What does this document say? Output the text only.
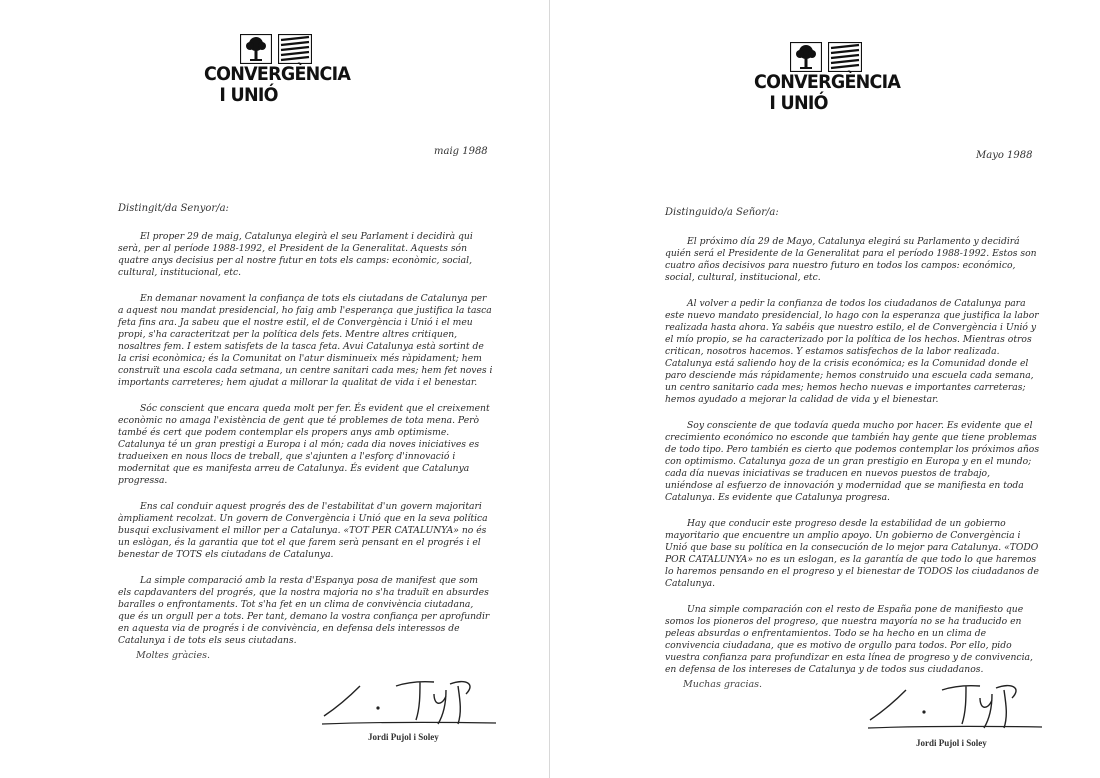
CONVERGÈNCIA
I UNIÓ
maig 1988
Distingit/da Senyor/a:

El proper 29 de maig, Catalunya elegirà el seu Parlament i decidirà qui serà, per al període 1988-1992, el President de la Generalitat. Aquests són quatre anys decisius per al nostre futur en tots els camps: econòmic, social, cultural, institucional, etc.

En demanar novament la confiança de tots els ciutadans de Catalunya per a aquest nou mandat presidencial, ho faig amb l'esperança que justifica la tasca feta fins ara. Ja sabeu que el nostre estil, el de Convergència i Unió i el meu propi, s'ha caracteritzat per la política dels fets. Mentre altres critiquen, nosaltres fem. I estem satisfets de la tasca feta. Avui Catalunya està sortint de la crisi econòmica; és la Comunitat on l'atur disminueix més ràpidament; hem construït una escola cada setmana, un centre sanitari cada mes; hem fet noves i importants carreteres; hem ajudat a millorar la qualitat de vida i el benestar.

Sóc conscient que encara queda molt per fer. És evident que el creixement econòmic no amaga l'existència de gent que té problemes de tota mena. Però també és cert que podem contemplar els propers anys amb optimisme. Catalunya té un gran prestigi a Europa i al món; cada dia noves iniciatives es tradueixen en nous llocs de treball, que s'ajunten a l'esforç d'innovació i modernitat que es manifesta arreu de Catalunya. És evident que Catalunya progressa.

Ens cal conduir aquest progrés des de l'estabilitat d'un govern majoritari àmpliament recolzat. Un govern de Convergència i Unió que en la seva política busqui exclusivament el millor per a Catalunya. «TOT PER CATALUNYA» no és un eslògan, és la garantia que tot el que farem serà pensant en el progrés i el benestar de TOTS els ciutadans de Catalunya.

La simple comparació amb la resta d'Espanya posa de manifest que som els capdavanters del progrés, que la nostra majoria no s'ha traduït en absurdes baralles o enfrontaments. Tot s'ha fet en un clima de convivència ciutadana, que és un orgull per a tots. Per tant, demano la vostra confiança per aprofundir en aquesta via de progrés i de convivència, en defensa dels interessos de Catalunya i de tots els seus ciutadans.

Moltes gràcies.
Jordi Pujol i Soley
CONVERGÈNCIA
I UNIÓ
Mayo 1988
Distinguido/a Señor/a:

El próximo día 29 de Mayo, Catalunya elegirá su Parlamento y decidirá quién será el Presidente de la Generalitat para el período 1988-1992. Estos son cuatro años decisivos para nuestro futuro en todos los campos: económico, social, cultural, institucional, etc.

Al volver a pedir la confianza de todos los ciudadanos de Catalunya para este nuevo mandato presidencial, lo hago con la esperanza que justifica la labor realizada hasta ahora. Ya sabéis que nuestro estilo, el de Convergència i Unió y el mío propio, se ha caracterizado por la política de los hechos. Mientras otros critican, nosotros hacemos. Y estamos satisfechos de la labor realizada. Catalunya está saliendo hoy de la crisis económica; es la Comunidad donde el paro desciende más rápidamente; hemos construido una escuela cada semana, un centro sanitario cada mes; hemos hecho nuevas e importantes carreteras; hemos ayudado a mejorar la calidad de vida y el bienestar.

Soy consciente de que todavía queda mucho por hacer. Es evidente que el crecimiento económico no esconde que también hay gente que tiene problemas de todo tipo. Pero también es cierto que podemos contemplar los próximos años con optimismo. Catalunya goza de un gran prestigio en Europa y en el mundo; cada día nuevas iniciativas se traducen en nuevos puestos de trabajo, uniéndose al esfuerzo de innovación y modernidad que se manifiesta en toda Catalunya. Es evidente que Catalunya progresa.

Hay que conducir este progreso desde la estabilidad de un gobierno mayoritario que encuentre un amplio apoyo. Un gobierno de Convergència i Unió que base su política en la consecución de lo mejor para Catalunya. «TODO POR CATALUNYA» no es un eslogan, es la garantía de que todo lo que haremos lo haremos pensando en el progreso y el bienestar de TODOS los ciudadanos de Catalunya.

Una simple comparación con el resto de España pone de manifiesto que somos los pioneros del progreso, que nuestra mayoría no se ha traducido en peleas absurdas o enfrentamientos. Todo se ha hecho en un clima de convivencia ciudadana, que es motivo de orgullo para todos. Por ello, pido vuestra confianza para profundizar en esta línea de progreso y de convivencia, en defensa de los intereses de Catalunya y de todos sus ciudadanos.

Muchas gracias.
Jordi Pujol i Soley
